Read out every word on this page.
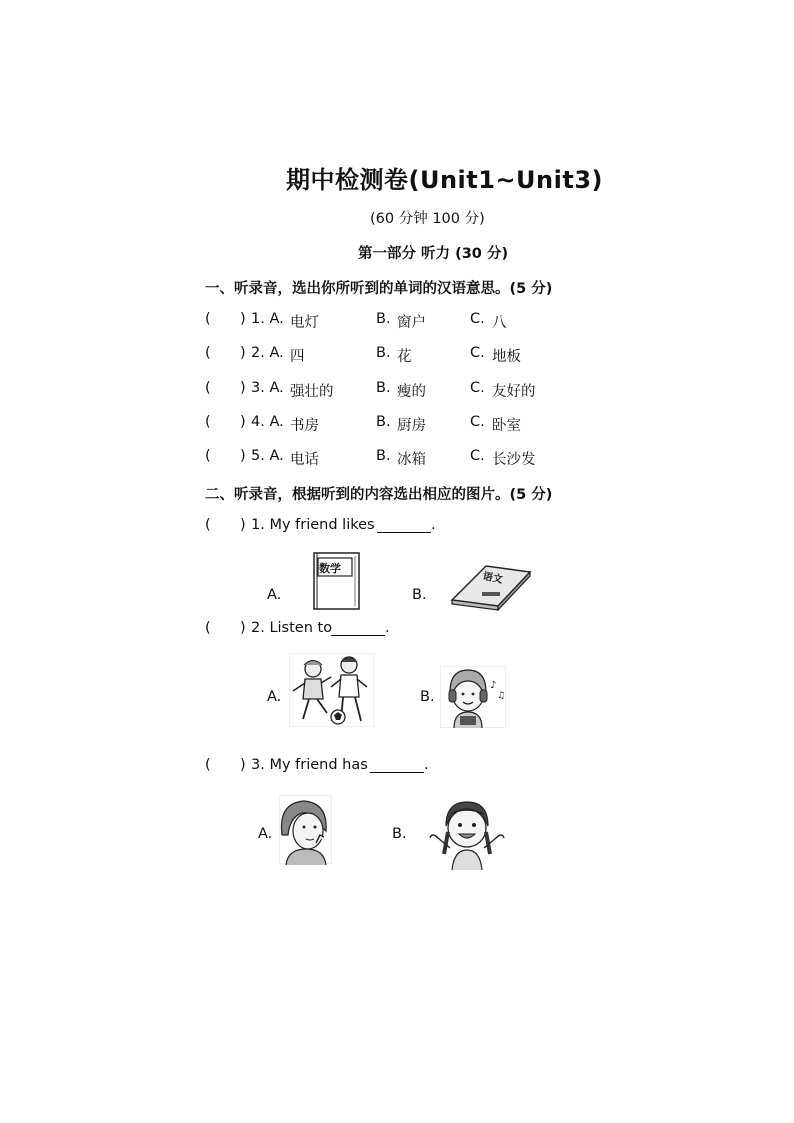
期中检测卷(Unit1~Unit3)
(60 分钟 100 分)
第一部分 听力 (30 分)
一、听录音，选出你所听到的单词的汉语意思。(5 分)
( ) 1. A. 电灯	B. 窗户	C. 八
( ) 2. A. 四	B. 花	C. 地板
( ) 3. A. 强壮的	B. 瘦的	C. 友好的
( ) 4. A. 书房	B. 厨房	C. 卧室
( ) 5. A. 电话	B. 冰箱	C. 长沙发
二、听录音，根据听到的内容选出相应的图片。(5 分)
( ) 1. My friend likes	.
A.
数学
B.
语文
( ) 2. Listen to	.
A.	B.
♪
♫
( ) 3. My friend has	.
A.	B.
